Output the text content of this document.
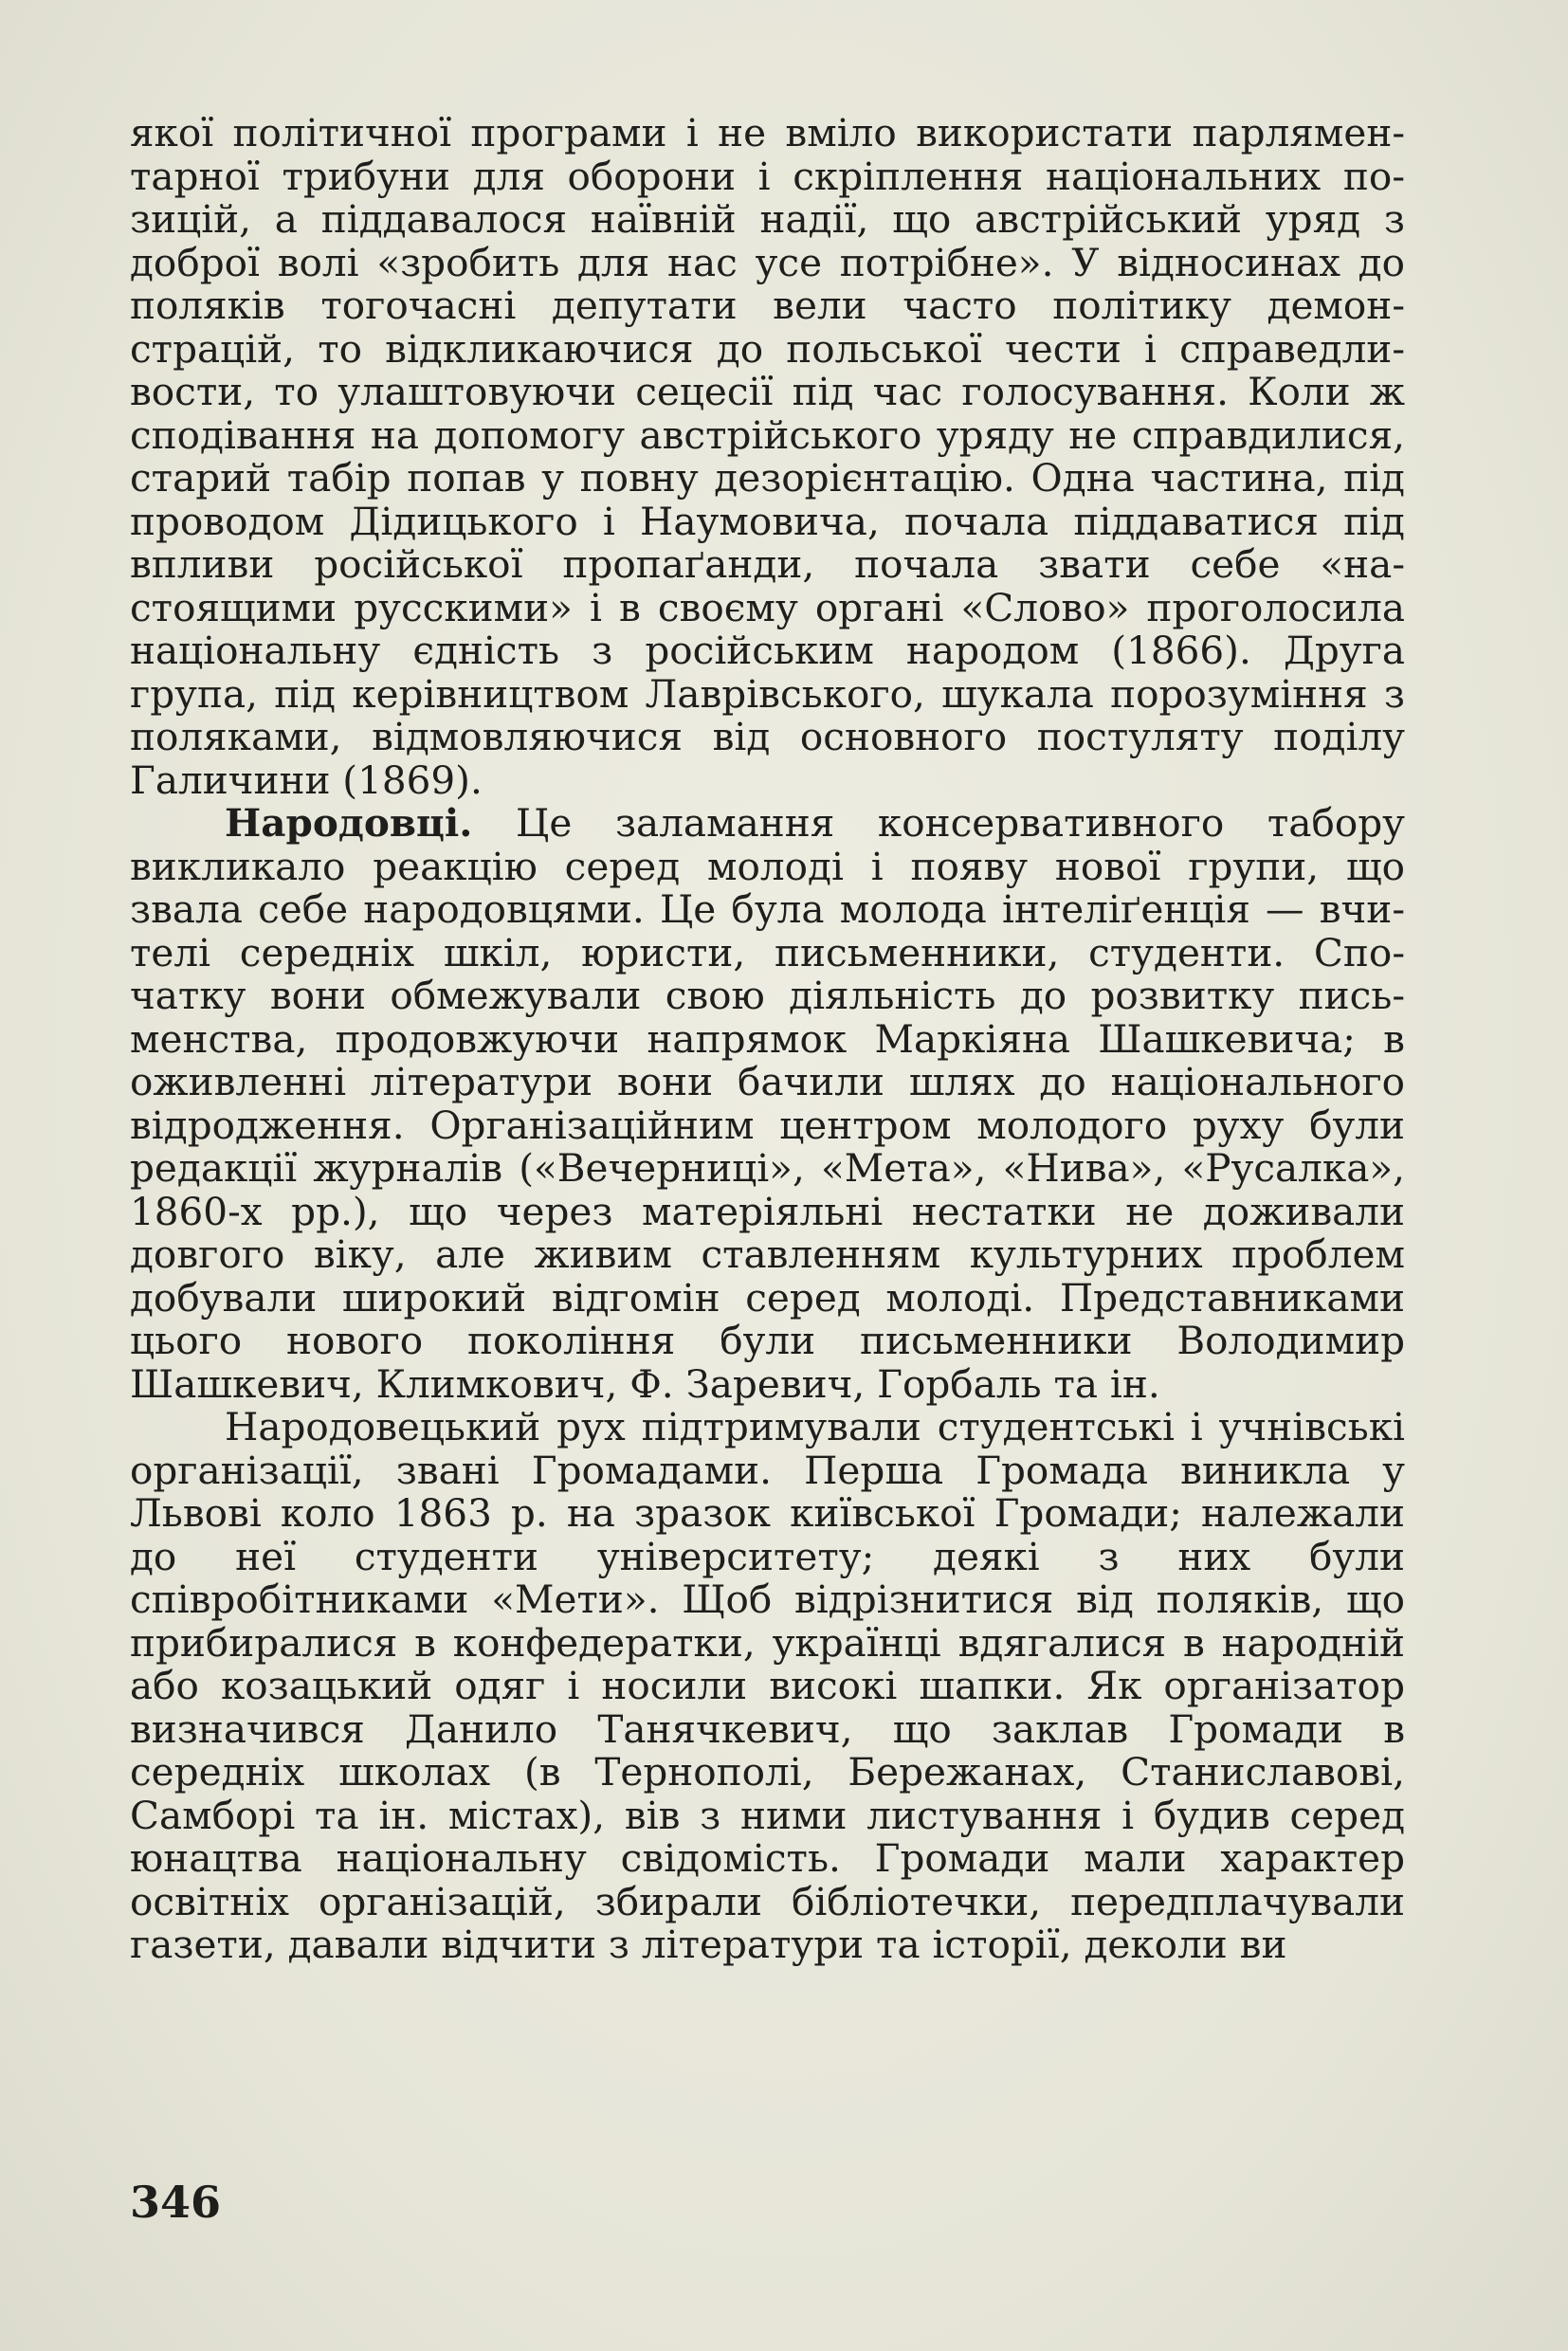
якої політичної програми і не вміло використати парляментарної трибуни для оборони і скріплення національних позицій, а піддавалося наївній надії, що австрійський уряд з доброї волі «зробить для нас усе потрібне». У відносинах до поляків тогочасні депутати вели часто політику демонстрацій, то відкликаючися до польської чести і справедливости, то улаштовуючи сецесії під час голосування. Коли ж сподівання на допомогу австрійського уряду не справдилися, старий табір попав у повну дезорієнтацію. Одна частина, під проводом Дідицького і Наумовича, почала піддаватися під впливи російської пропаґанди, почала звати себе «настоящими русскими» і в своєму органі «Слово» проголосила національну єдність з російським народом (1866). Друга група, під керівництвом Лаврівського, шукала порозуміння з поляками, відмовляючися від основного постуляту поділу Галичини (1869).

Народовці. Це заламання консервативного табору викликало реакцію серед молоді і появу нової групи, що звала себе народовцями. Це була молода інтеліґенція — вчителі середніх шкіл, юристи, письменники, студенти. Спочатку вони обмежували свою діяльність до розвитку письменства, продовжуючи напрямок Маркіяна Шашкевича; в оживленні літератури вони бачили шлях до національного відродження. Організаційним центром молодого руху були редакції журналів («Вечерниці», «Мета», «Нива», «Русалка», 1860-х рр.), що через матеріяльні нестатки не доживали довгого віку, але живим ставленням культурних проблем добували широкий відгомін серед молоді. Представниками цього нового покоління були письменники Володимир Шашкевич, Климкович, Ф. Заревич, Горбаль та ін.

Народовецький рух підтримували студентські і учнівські організації, звані Громадами. Перша Громада виникла у Львові коло 1863 р. на зразок київської Громади; належали до неї студенти університету; деякі з них були співробітниками «Мети». Щоб відрізнитися від поляків, що прибиралися в конфедератки, українці вдягалися в народній або козацький одяг і носили високі шапки. Як організатор визначився Данило Танячкевич, що заклав Громади в середніх школах (в Тернополі, Бережанах, Станиславові, Самборі та ін. містах), вів з ними листування і будив серед юнацтва національну свідомість. Громади мали характер освітніх організацій, збирали бібліотечки, передплачували газети, давали відчити з літератури та історії, деколи ви

346
